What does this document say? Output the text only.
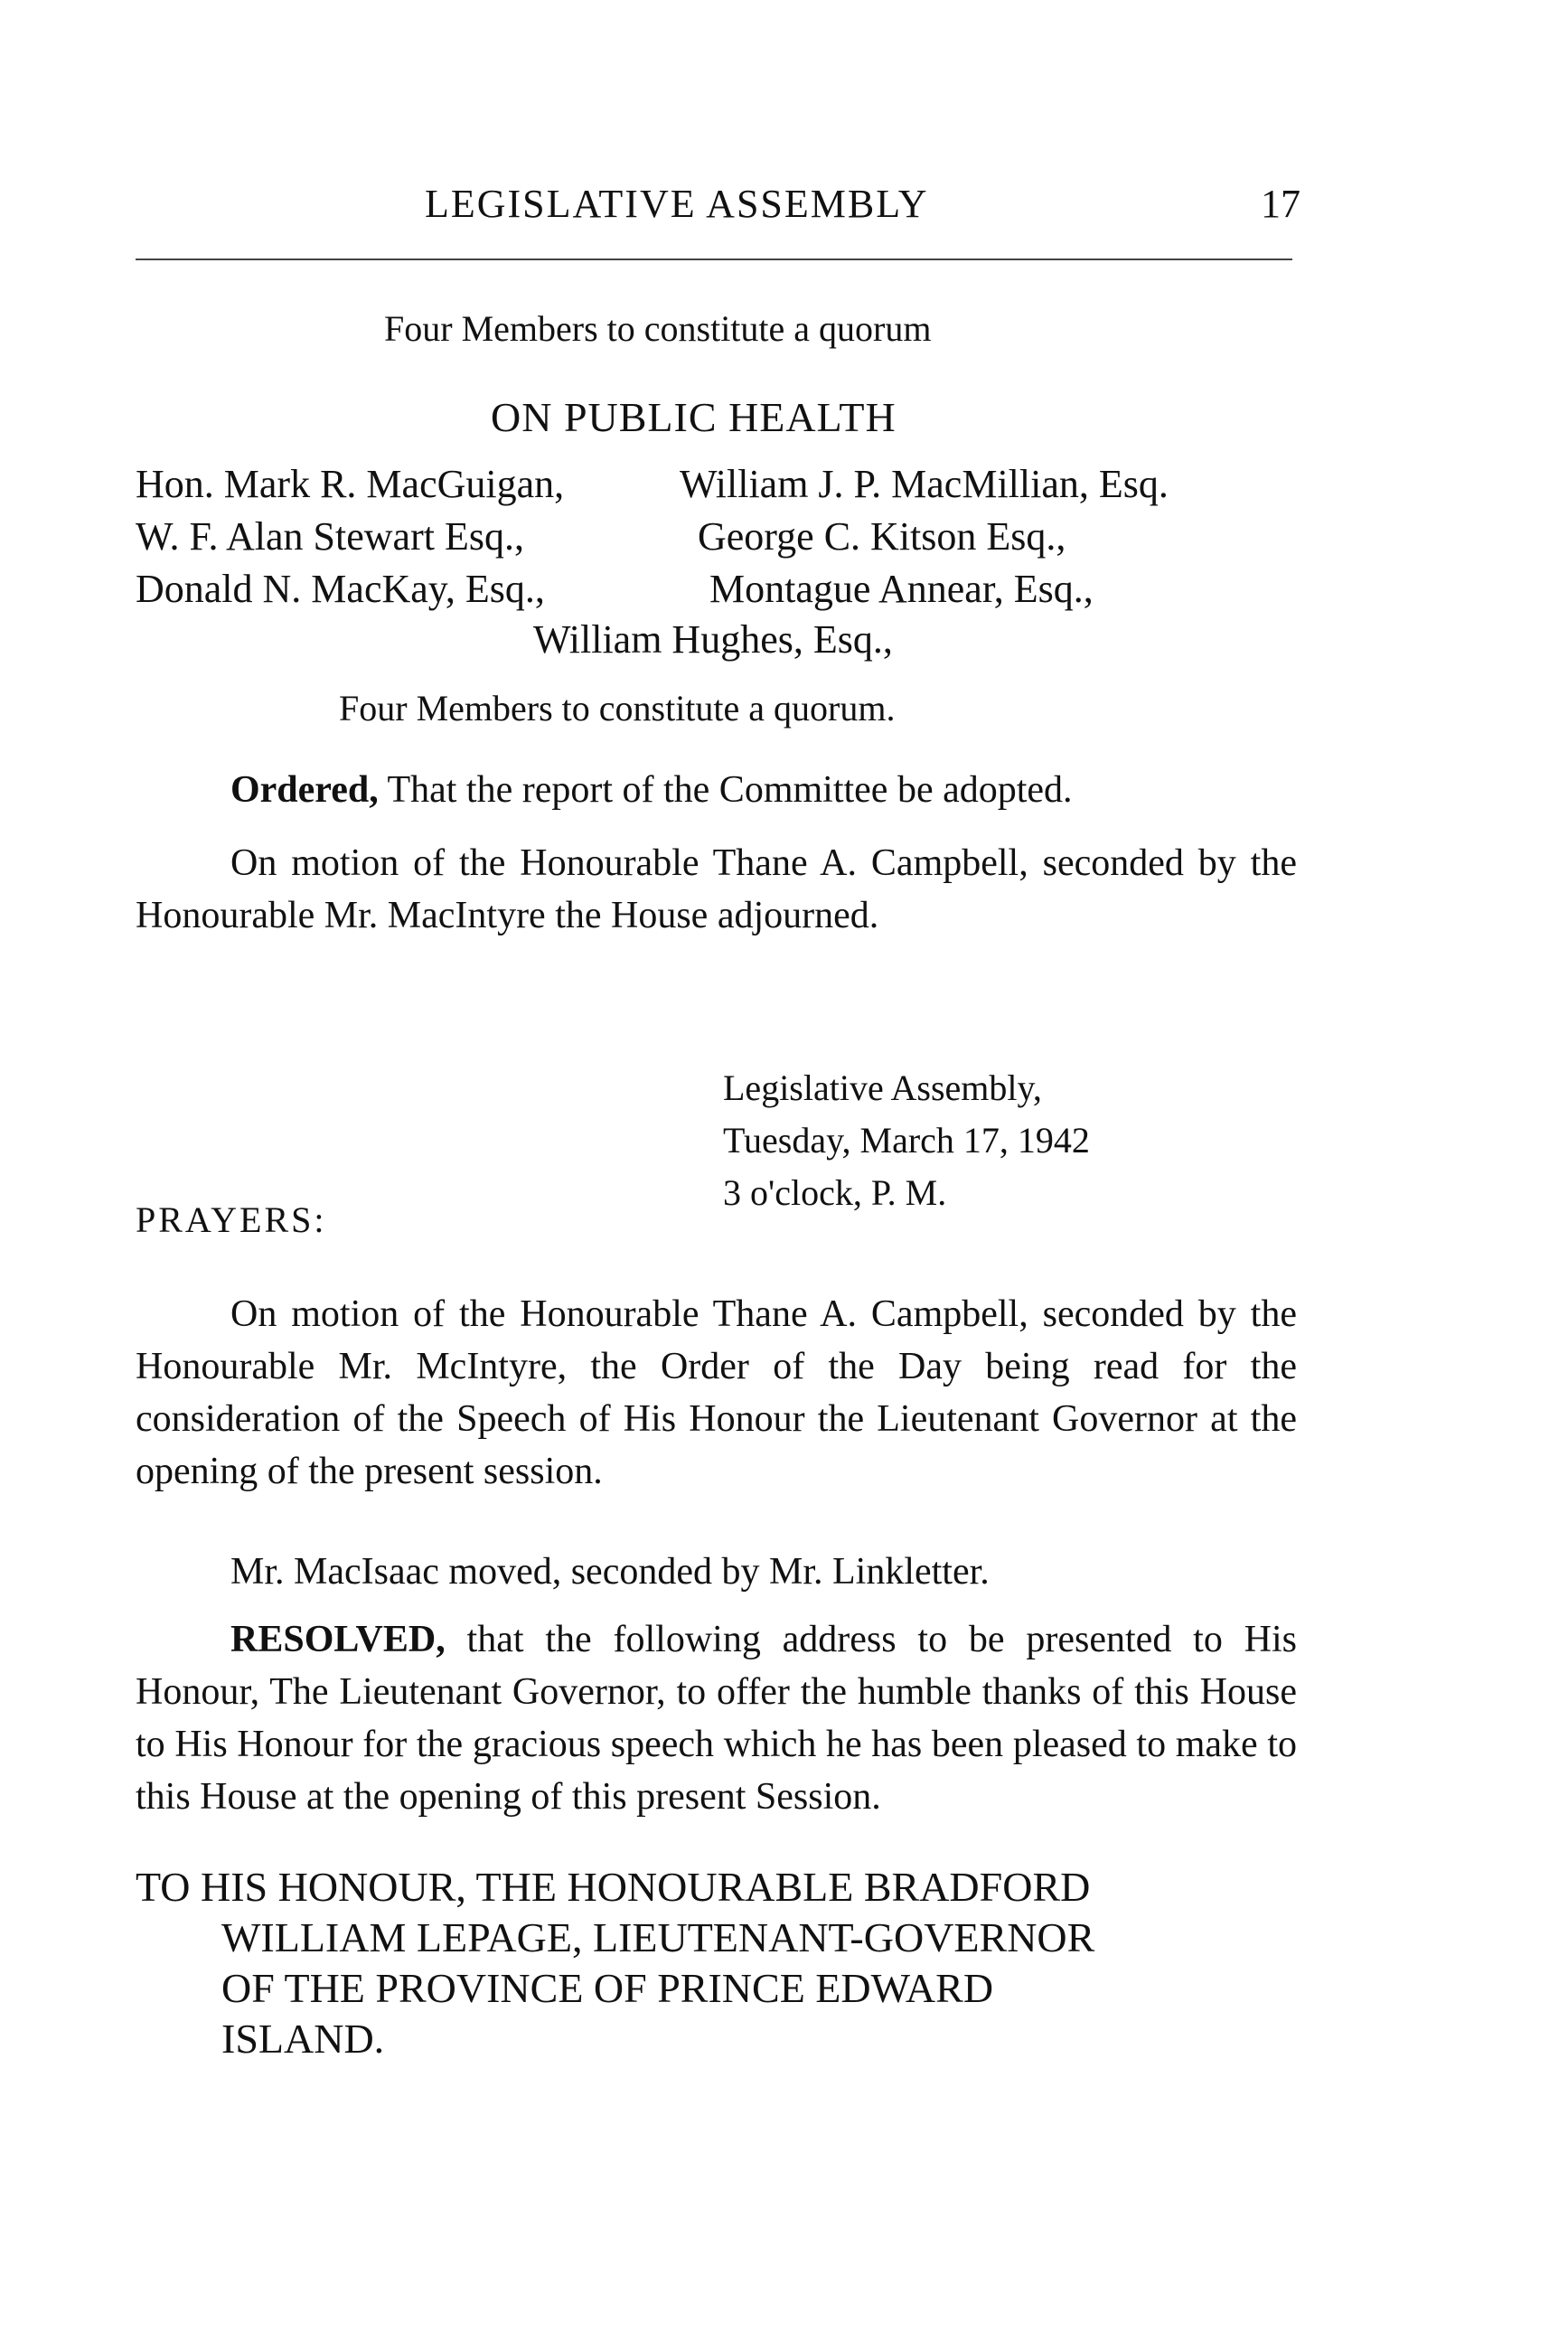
LEGISLATIVE ASSEMBLY	17
Four Members to constitute a quorum
ON PUBLIC HEALTH
Hon. Mark R. MacGuigan,	William J. P. MacMillian, Esq.
W. F. Alan Stewart Esq.,	George C. Kitson Esq.,
Donald N. MacKay, Esq.,	Montague Annear, Esq.,
William Hughes, Esq.,
Four Members to constitute a quorum.
Ordered, That the report of the Committee be adopted.
On motion of the Honourable Thane A. Campbell, seconded by the Honourable Mr. MacIntyre the House adjourned.
Legislative Assembly,
Tuesday, March 17, 1942
3 o'clock, P. M.
PRAYERS:
On motion of the Honourable Thane A. Campbell, seconded by the Honourable Mr. McIntyre, the Order of the Day being read for the consideration of the Speech of His Honour the Lieutenant Governor at the opening of the present session.
Mr. MacIsaac moved, seconded by Mr. Linkletter.
RESOLVED, that the following address to be presented to His Honour, The Lieutenant Governor, to offer the humble thanks of this House to His Honour for the gracious speech which he has been pleased to make to this House at the opening of this present Session.
TO HIS HONOUR, THE HONOURABLE BRADFORD
WILLIAM LEPAGE, LIEUTENANT-GOVERNOR
OF THE PROVINCE OF PRINCE EDWARD
ISLAND.
